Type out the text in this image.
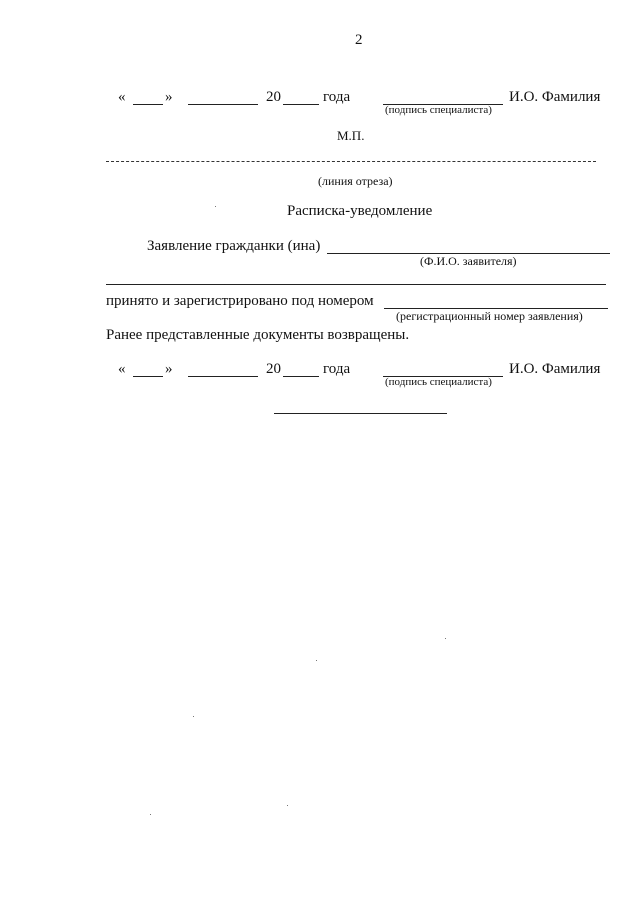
2
«	»	20	года
(подпись специалиста)
И.О. Фамилия
М.П.
(линия отреза)
Расписка-уведомление
Заявление гражданки (ина)
(Ф.И.О. заявителя)
принято и зарегистрировано под номером
(регистрационный номер заявления)
Ранее представленные документы возвращены.
«	»	20	года
(подпись специалиста)
И.О. Фамилия
